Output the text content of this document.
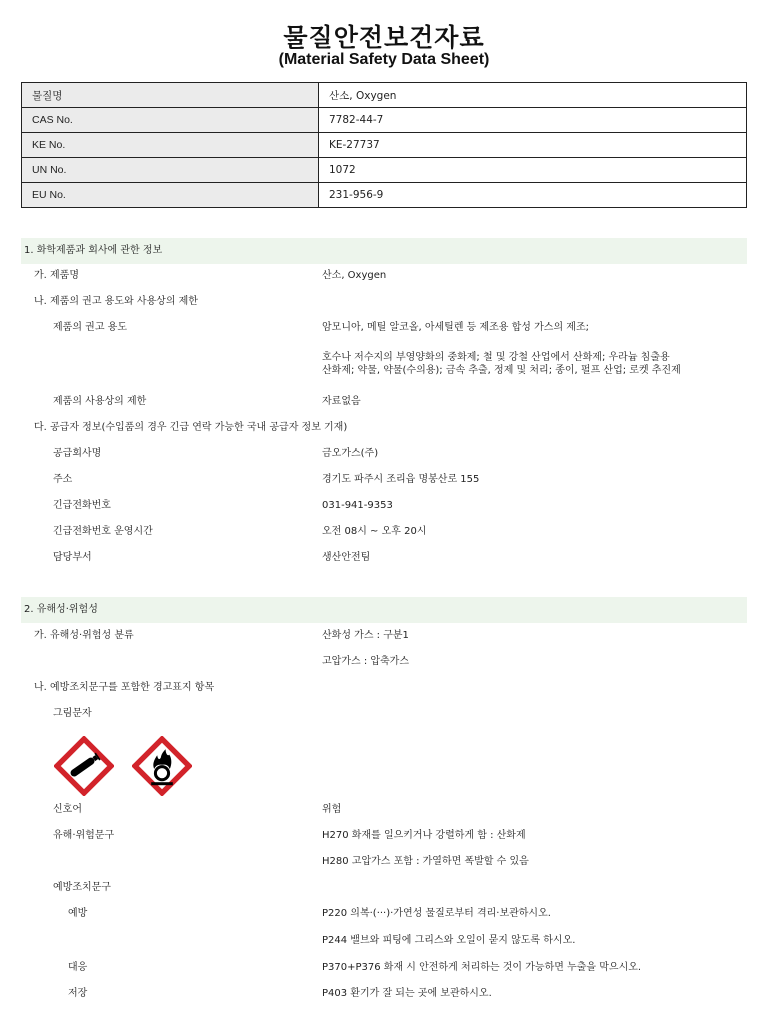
물질안전보건자료
(Material Safety Data Sheet)
물질명	산소, Oxygen
CAS No.	7782-44-7
KE No.	KE-27737
UN No.	1072
EU No.	231-956-9
1. 화학제품과 회사에 관한 정보
가. 제품명	산소, Oxygen
나. 제품의 권고 용도와 사용상의 제한
제품의 권고 용도	암모니아, 메틸 알코올, 아세틸렌 등 제조용 합성 가스의 제조;
호수나 저수지의 부영양화의 중화제; 철 및 강철 산업에서 산화제; 우라늄 침출용
산화제; 약물, 약물(수의용); 금속 추출, 정제 및 처리; 종이, 펄프 산업; 로켓 추진제
제품의 사용상의 제한	자료없음
다. 공급자 정보(수입품의 경우 긴급 연락 가능한 국내 공급자 정보 기재)
공급회사명	금오가스(주)
주소	경기도 파주시 조리읍 명봉산로 155
긴급전화번호	031-941-9353
긴급전화번호 운영시간	오전 08시 ~ 오후 20시
담당부서	생산안전팀
2. 유해성·위험성
가. 유해성·위험성 분류	산화성 가스 : 구분1
고압가스 : 압축가스
나. 예방조치문구를 포함한 경고표지 항목
그림문자
신호어	위험
유해·위험문구	H270 화재를 일으키거나 강렬하게 함 : 산화제
H280 고압가스 포함 : 가열하면 폭발할 수 있음
예방조치문구
예방	P220 의복·(···)·가연성 물질로부터 격리·보관하시오.
P244 밸브와 피팅에 그리스와 오일이 묻지 않도록 하시오.
대응	P370+P376 화재 시 안전하게 처리하는 것이 가능하면 누출을 막으시오.
저장	P403 환기가 잘 되는 곳에 보관하시오.
